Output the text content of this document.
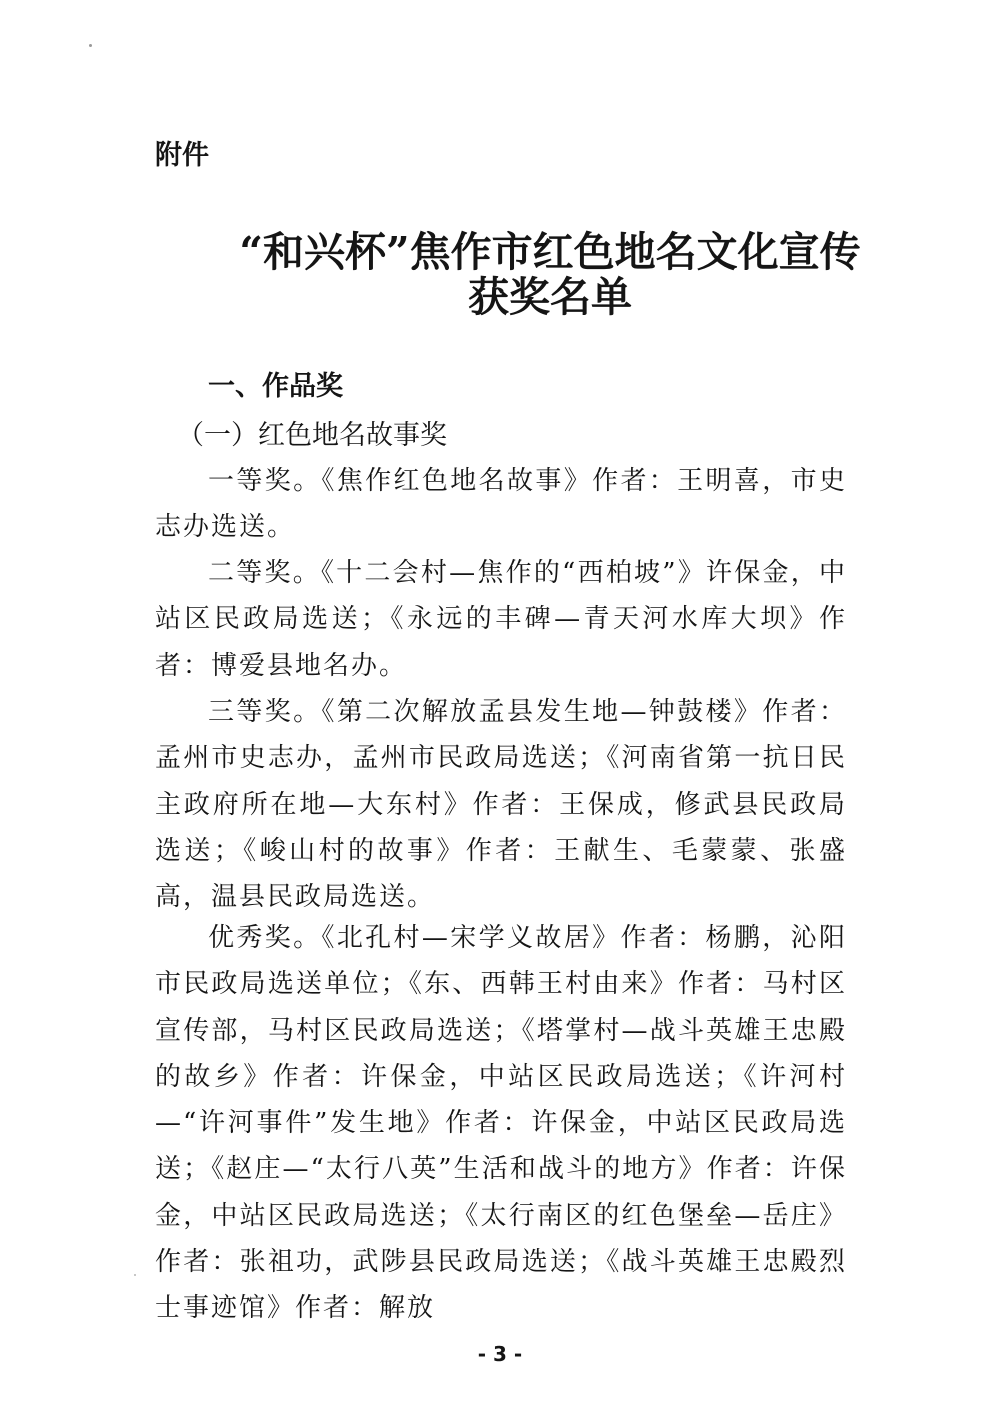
附件
“和兴杯”焦作市红色地名文化宣传
获奖名单
一、作品奖
（一）红色地名故事奖

一等奖。《焦作红色地名故事》作者：王明喜，市史志办选送。

二等奖。《十二会村—焦作的“西柏坡”》许保金，中站区民政局选送；《永远的丰碑—青天河水库大坝》作者：博爱县地名办。

三等奖。《第二次解放孟县发生地—钟鼓楼》作者：孟州市史志办，孟州市民政局选送；《河南省第一抗日民主政府所在地—大东村》作者：王保成，修武县民政局选送；《峻山村的故事》作者：王献生、毛蒙蒙、张盛高，温县民政局选送。

优秀奖。《北孔村—宋学义故居》作者：杨鹏，沁阳市民政局选送单位；《东、西韩王村由来》作者：马村区宣传部，马村区民政局选送；《塔掌村—战斗英雄王忠殿的故乡》作者：许保金，中站区民政局选送；《许河村—“许河事件”发生地》作者：许保金，中站区民政局选送；《赵庄—“太行八英”生活和战斗的地方》作者：许保金，中站区民政局选送；《太行南区的红色堡垒—岳庄》作者：张祖功，武陟县民政局选送；《战斗英雄王忠殿烈士事迹馆》作者：解放

- 3 -
